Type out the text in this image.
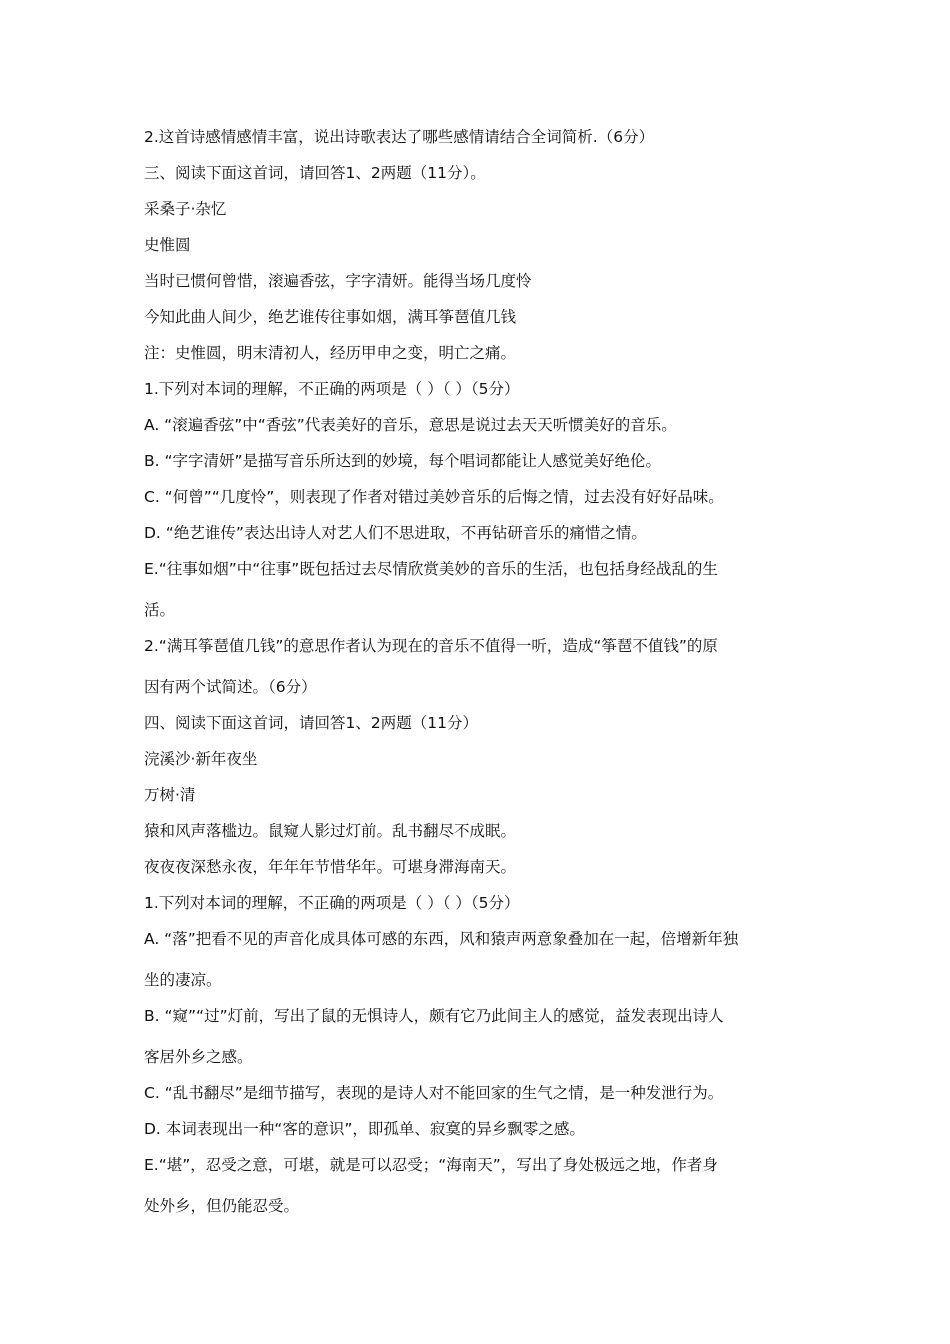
2.这首诗感情感情丰富，说出诗歌表达了哪些感情请结合全词简析.（6分）
三、阅读下面这首词，请回答1、2两题（11分）。
采桑子·杂忆
史惟圆
当时已惯何曾惜，滚遍香弦，字字清妍。能得当场几度怜
今知此曲人间少，绝艺谁传往事如烟，满耳筝琶值几钱
注：史惟圆，明末清初人，经历甲申之变，明亡之痛。
1.下列对本词的理解，不正确的两项是（ ）（ ）（5分）
A. “滚遍香弦”中“香弦”代表美好的音乐，意思是说过去天天听惯美好的音乐。
B. “字字清妍”是描写音乐所达到的妙境，每个唱词都能让人感觉美好绝伦。
C. “何曾”“几度怜”，则表现了作者对错过美妙音乐的后悔之情，过去没有好好品味。
D. “绝艺谁传”表达出诗人对艺人们不思进取，不再钻研音乐的痛惜之情。
E.“往事如烟”中“往事”既包括过去尽情欣赏美妙的音乐的生活，也包括身经战乱的生
活。
2.“满耳筝琶值几钱”的意思作者认为现在的音乐不值得一听，造成“筝琶不值钱”的原
因有两个试简述。（6分）
四、阅读下面这首词，请回答1、2两题（11分）
浣溪沙·新年夜坐
万树·清
猿和风声落槛边。鼠窥人影过灯前。乱书翻尽不成眠。
夜夜夜深愁永夜，年年年节惜华年。可堪身滞海南天。
1.下列对本词的理解，不正确的两项是（ ）（ ）（5分）
A. “落”把看不见的声音化成具体可感的东西，风和猿声两意象叠加在一起，倍增新年独
坐的凄凉。
B. “窥”“过”灯前，写出了鼠的无惧诗人，颇有它乃此间主人的感觉，益发表现出诗人
客居外乡之感。
C. “乱书翻尽”是细节描写，表现的是诗人对不能回家的生气之情，是一种发泄行为。
D. 本词表现出一种“客的意识”，即孤单、寂寞的异乡飘零之感。
E.“堪”，忍受之意，可堪，就是可以忍受；“海南天”，写出了身处极远之地，作者身
处外乡，但仍能忍受。
